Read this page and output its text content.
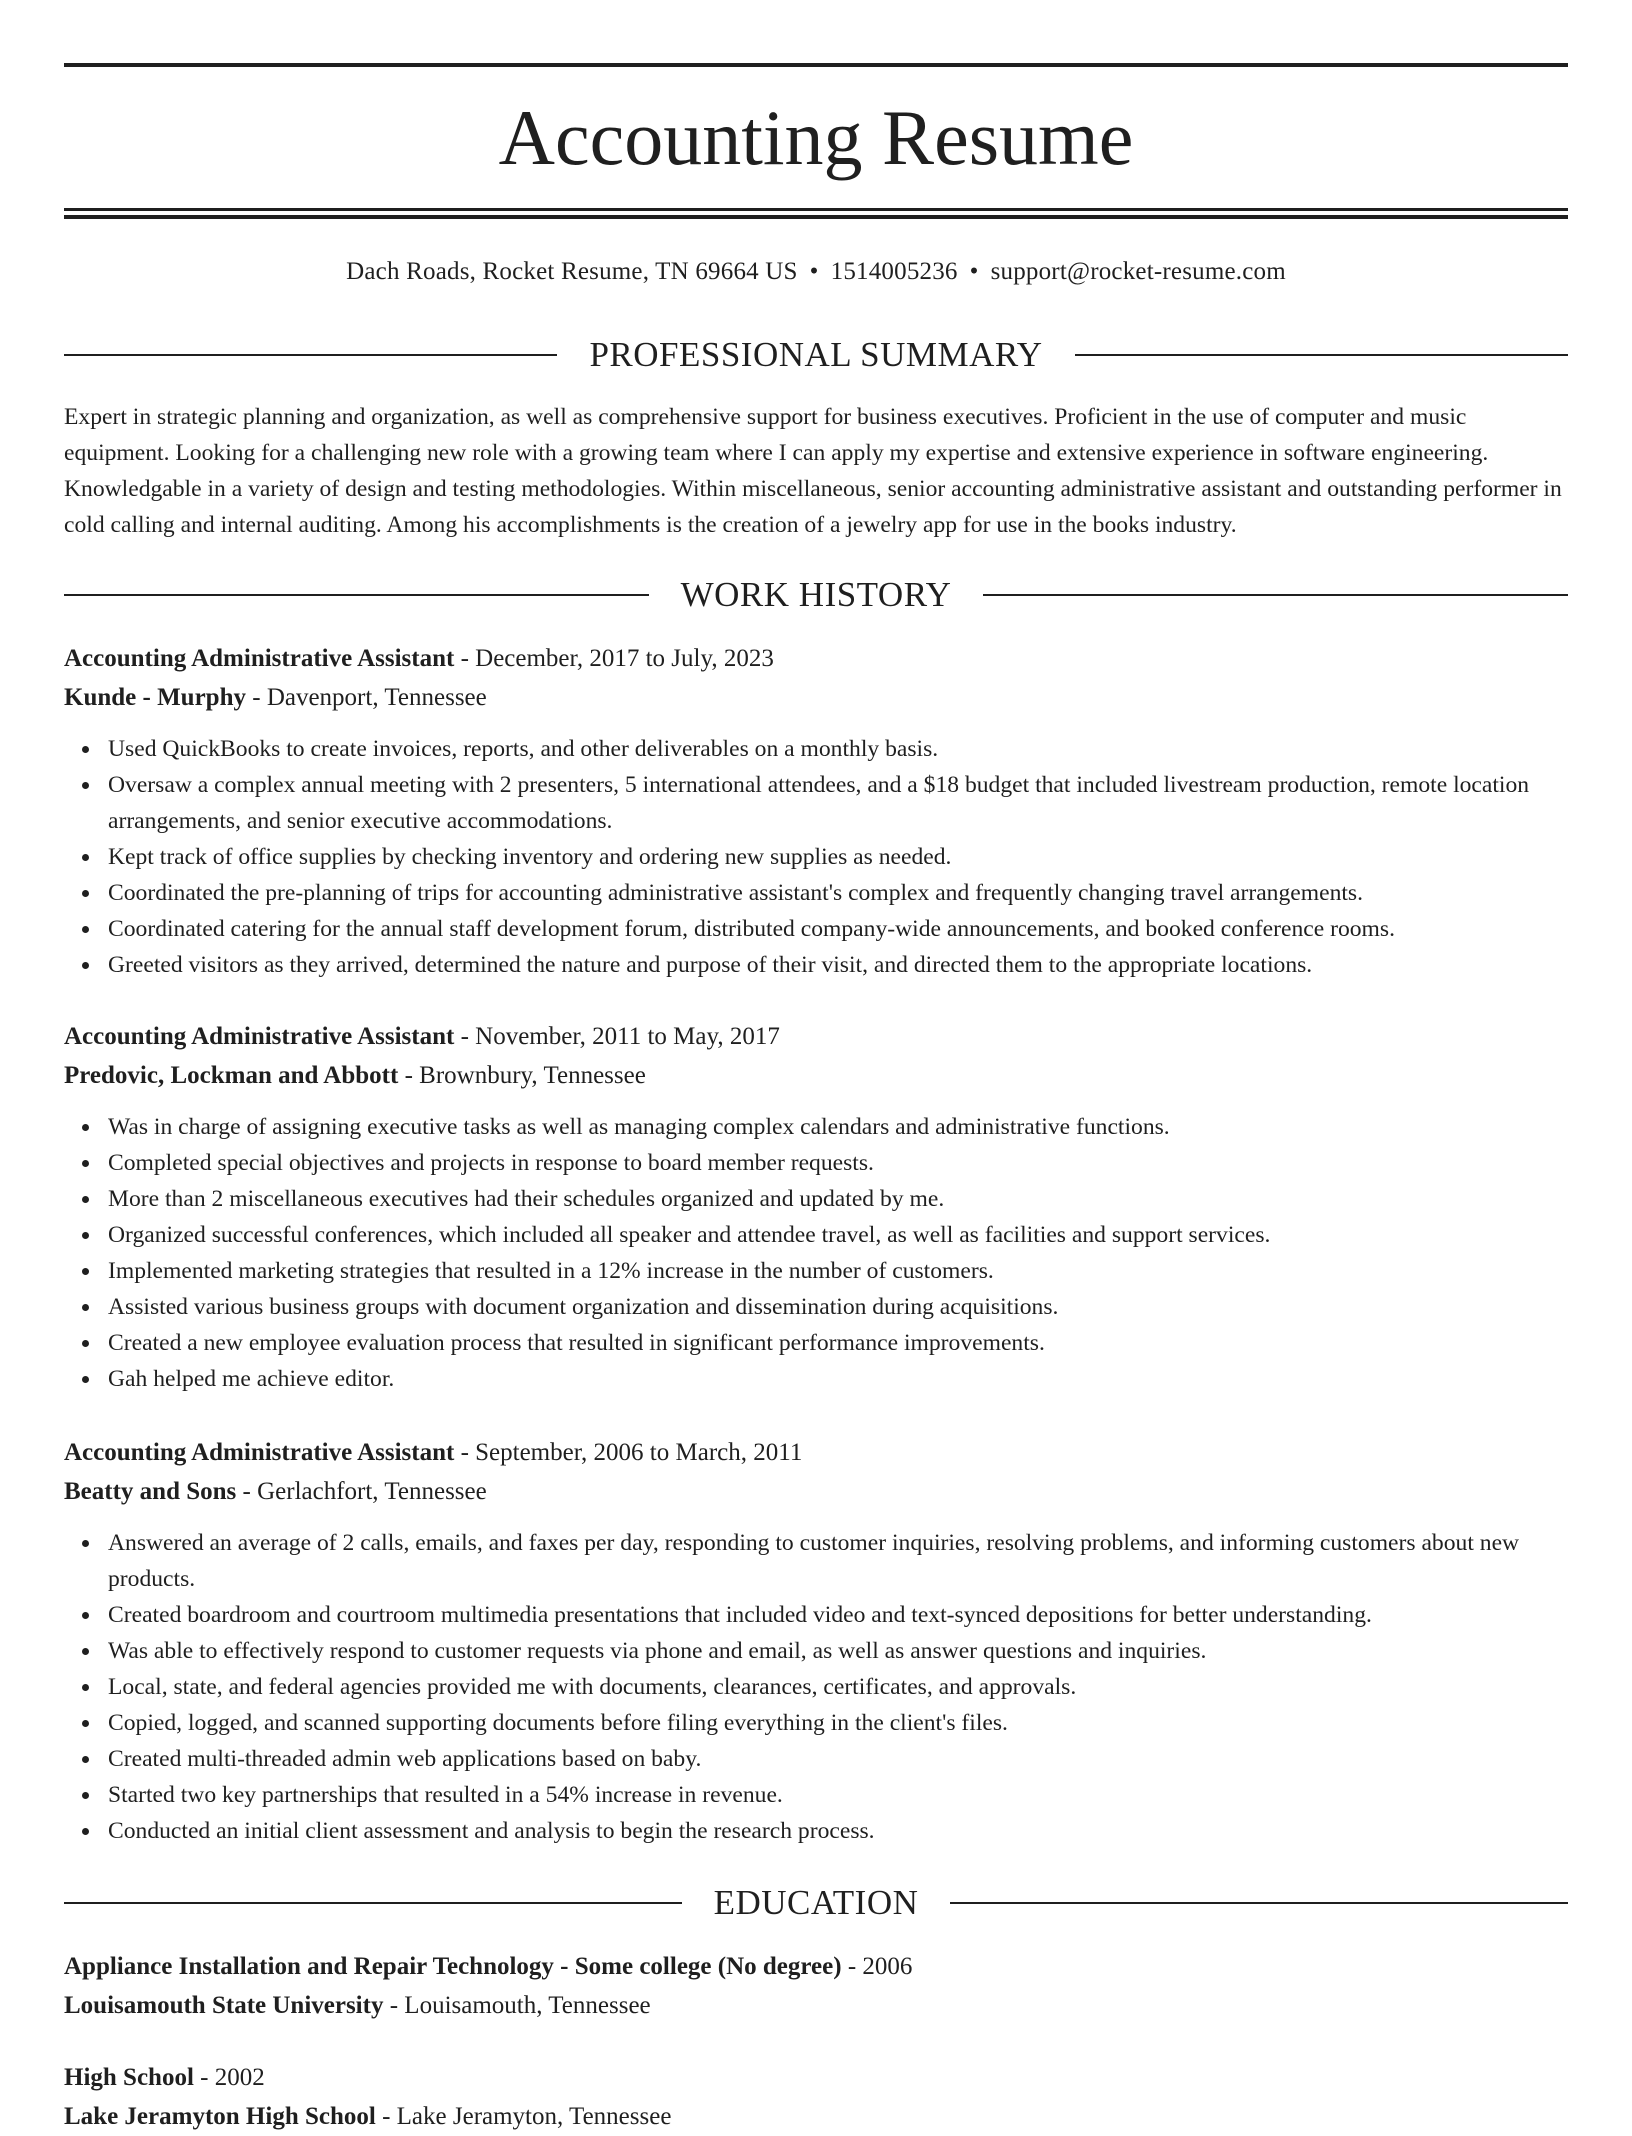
Accounting Resume
Dach Roads, Rocket Resume, TN 69664 US • 1514005236 • support@rocket-resume.com
PROFESSIONAL SUMMARY

Expert in strategic planning and organization, as well as comprehensive support for business executives. Proficient in the use of computer and music equipment. Looking for a challenging new role with a growing team where I can apply my expertise and extensive experience in software engineering. Knowledgable in a variety of design and testing methodologies. Within miscellaneous, senior accounting administrative assistant and outstanding performer in cold calling and internal auditing. Among his accomplishments is the creation of a jewelry app for use in the books industry.

WORK HISTORY
Accounting Administrative Assistant - December, 2017 to July, 2023
Kunde - Murphy - Davenport, Tennessee
Used QuickBooks to create invoices, reports, and other deliverables on a monthly basis.
Oversaw a complex annual meeting with 2 presenters, 5 international attendees, and a $18 budget that included livestream production, remote location arrangements, and senior executive accommodations.
Kept track of office supplies by checking inventory and ordering new supplies as needed.
Coordinated the pre-planning of trips for accounting administrative assistant's complex and frequently changing travel arrangements.
Coordinated catering for the annual staff development forum, distributed company-wide announcements, and booked conference rooms.
Greeted visitors as they arrived, determined the nature and purpose of their visit, and directed them to the appropriate locations.
Accounting Administrative Assistant - November, 2011 to May, 2017
Predovic, Lockman and Abbott - Brownbury, Tennessee
Was in charge of assigning executive tasks as well as managing complex calendars and administrative functions.
Completed special objectives and projects in response to board member requests.
More than 2 miscellaneous executives had their schedules organized and updated by me.
Organized successful conferences, which included all speaker and attendee travel, as well as facilities and support services.
Implemented marketing strategies that resulted in a 12% increase in the number of customers.
Assisted various business groups with document organization and dissemination during acquisitions.
Created a new employee evaluation process that resulted in significant performance improvements.
Gah helped me achieve editor.
Accounting Administrative Assistant - September, 2006 to March, 2011
Beatty and Sons - Gerlachfort, Tennessee
Answered an average of 2 calls, emails, and faxes per day, responding to customer inquiries, resolving problems, and informing customers about new products.
Created boardroom and courtroom multimedia presentations that included video and text-synced depositions for better understanding.
Was able to effectively respond to customer requests via phone and email, as well as answer questions and inquiries.
Local, state, and federal agencies provided me with documents, clearances, certificates, and approvals.
Copied, logged, and scanned supporting documents before filing everything in the client's files.
Created multi-threaded admin web applications based on baby.
Started two key partnerships that resulted in a 54% increase in revenue.
Conducted an initial client assessment and analysis to begin the research process.
EDUCATION
Appliance Installation and Repair Technology - Some college (No degree) - 2006
Louisamouth State University - Louisamouth, Tennessee
High School - 2002
Lake Jeramyton High School - Lake Jeramyton, Tennessee
